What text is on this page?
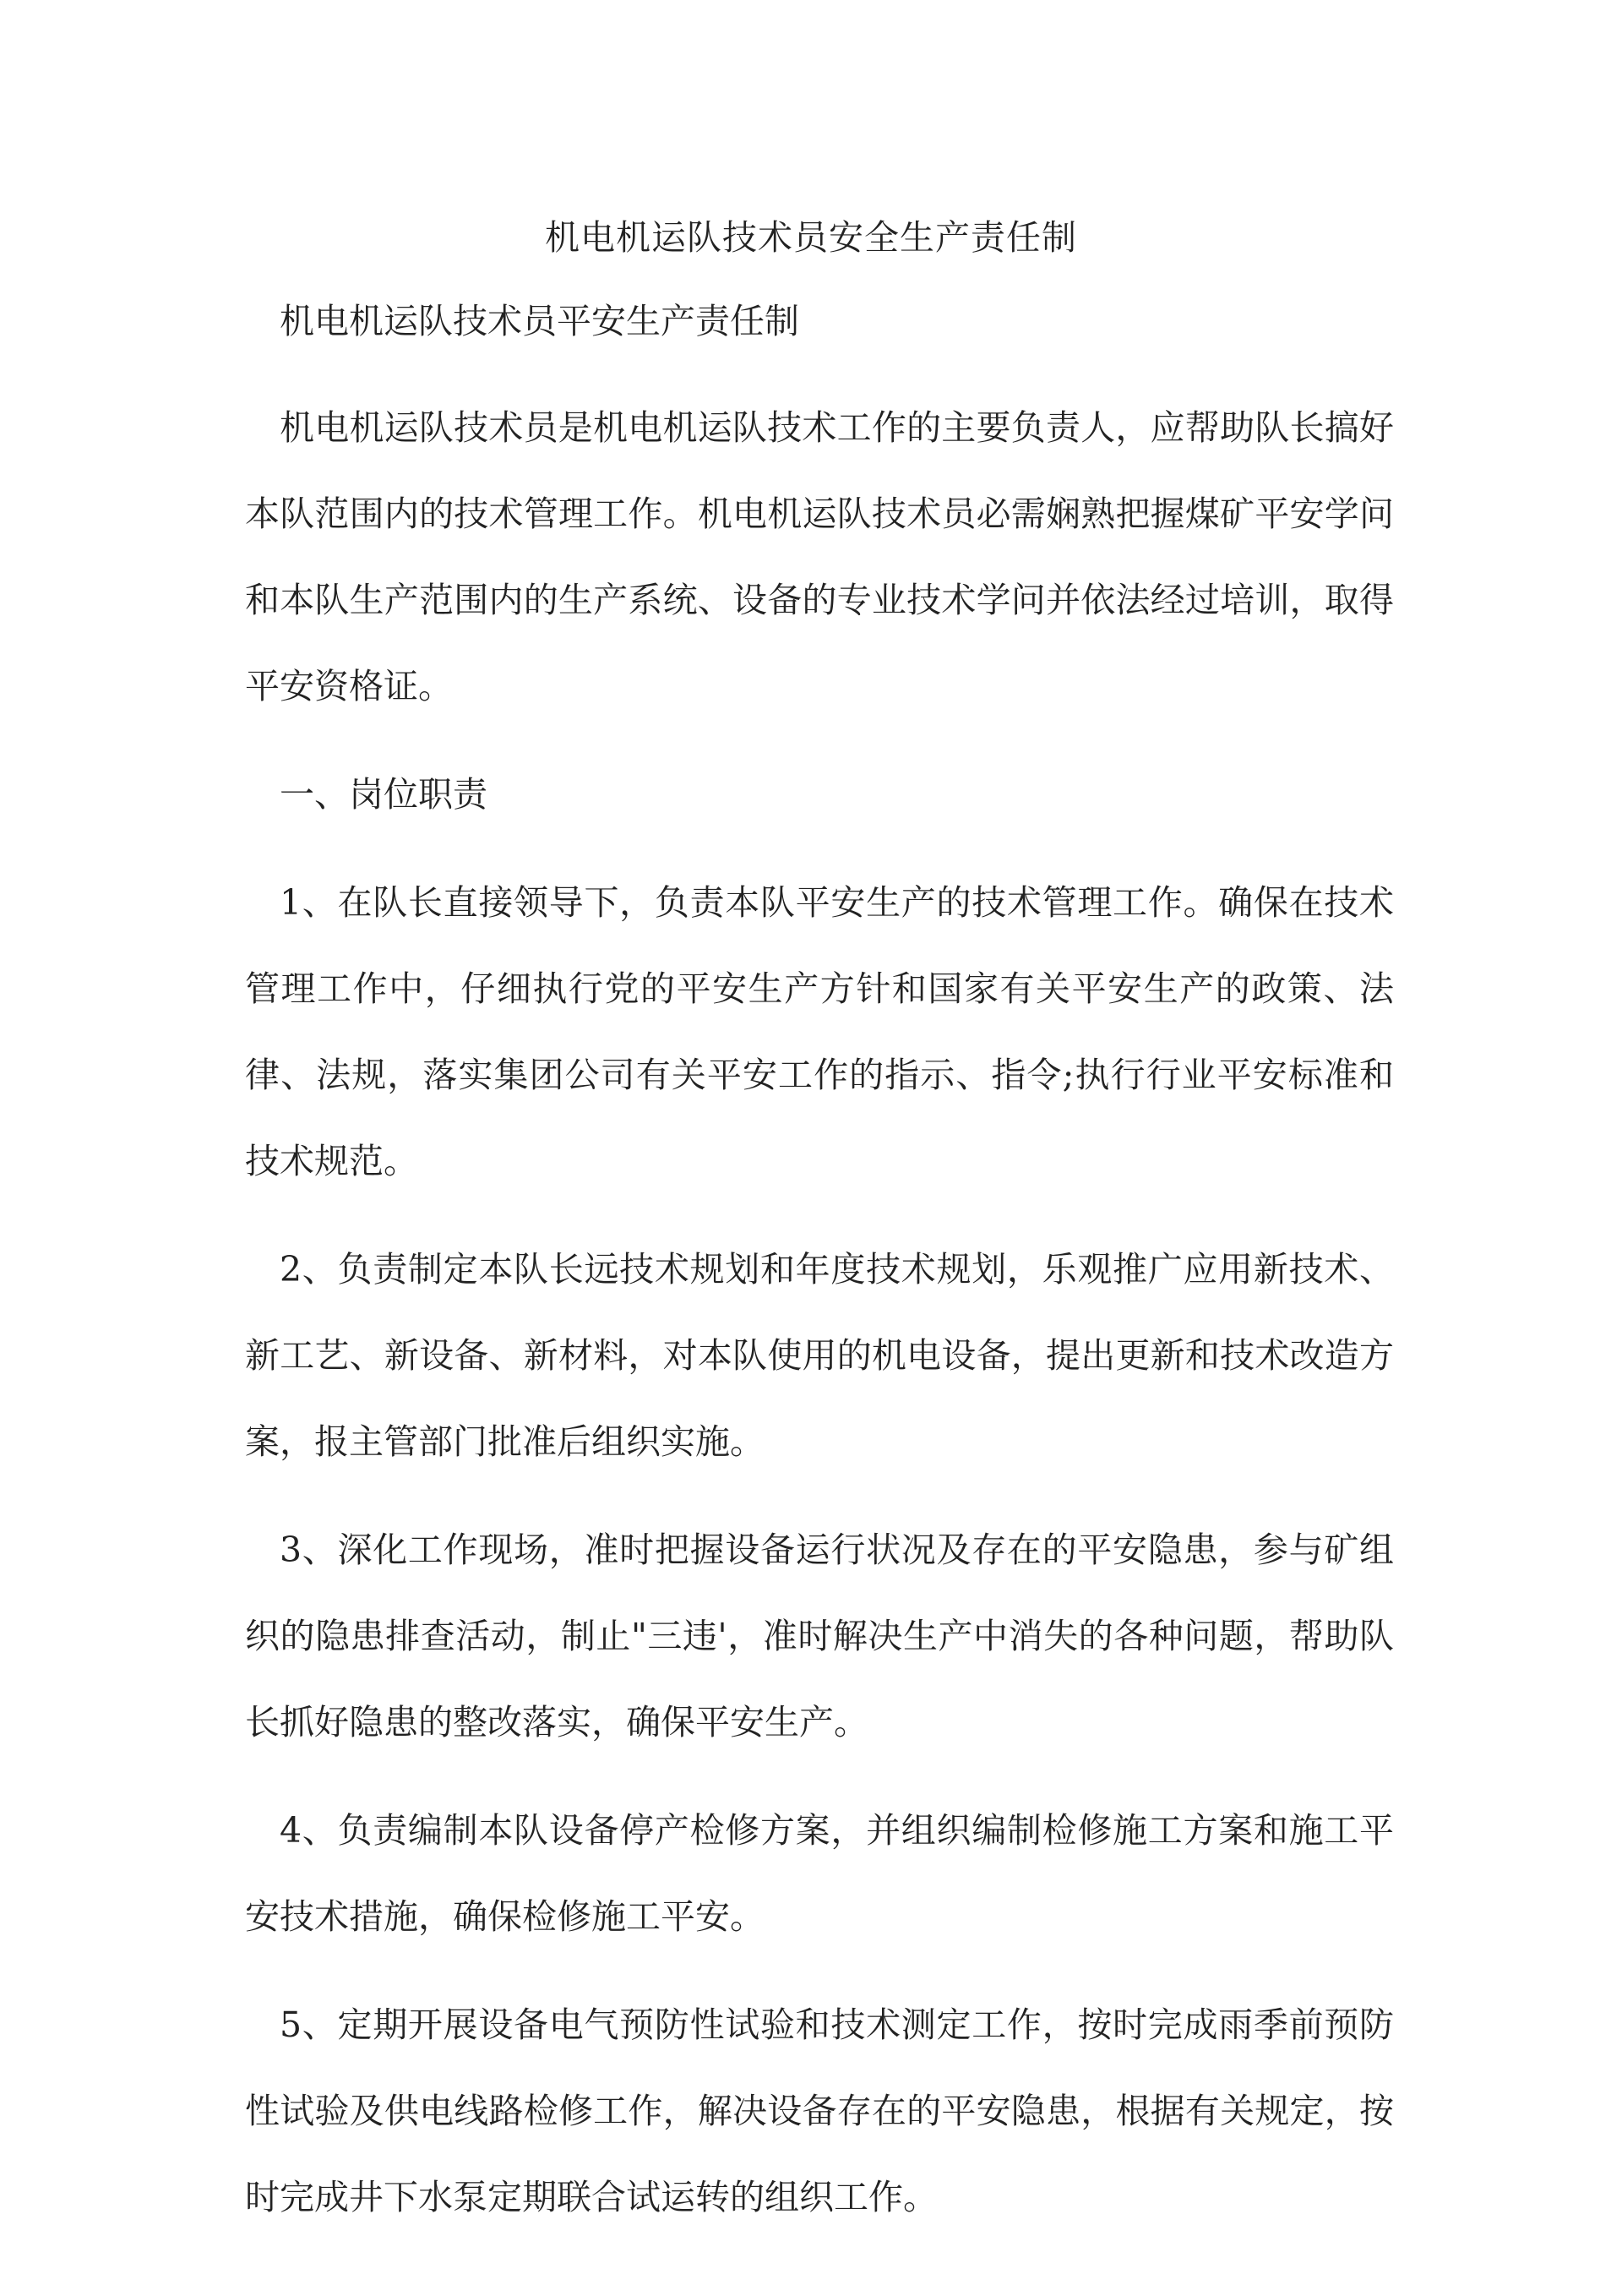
机电机运队技术员安全生产责任制

机电机运队技术员平安生产责任制

机电机运队技术员是机电机运队技术工作的主要负责人，应帮助队长搞好本队范围内的技术管理工作。机电机运队技术员必需娴熟把握煤矿平安学问和本队生产范围内的生产系统、设备的专业技术学问并依法经过培训，取得平安资格证。

一、岗位职责

1、在队长直接领导下，负责本队平安生产的技术管理工作。确保在技术管理工作中，仔细执行党的平安生产方针和国家有关平安生产的政策、法律、法规，落实集团公司有关平安工作的指示、指令;执行行业平安标准和技术规范。

2、负责制定本队长远技术规划和年度技术规划，乐观推广应用新技术、新工艺、新设备、新材料，对本队使用的机电设备，提出更新和技术改造方案，报主管部门批准后组织实施。

3、深化工作现场，准时把握设备运行状况及存在的平安隐患，参与矿组织的隐患排查活动，制止"三违'，准时解决生产中消失的各种问题，帮助队长抓好隐患的整改落实，确保平安生产。

4、负责编制本队设备停产检修方案，并组织编制检修施工方案和施工平安技术措施，确保检修施工平安。

5、定期开展设备电气预防性试验和技术测定工作，按时完成雨季前预防性试验及供电线路检修工作，解决设备存在的平安隐患，根据有关规定，按时完成井下水泵定期联合试运转的组织工作。
